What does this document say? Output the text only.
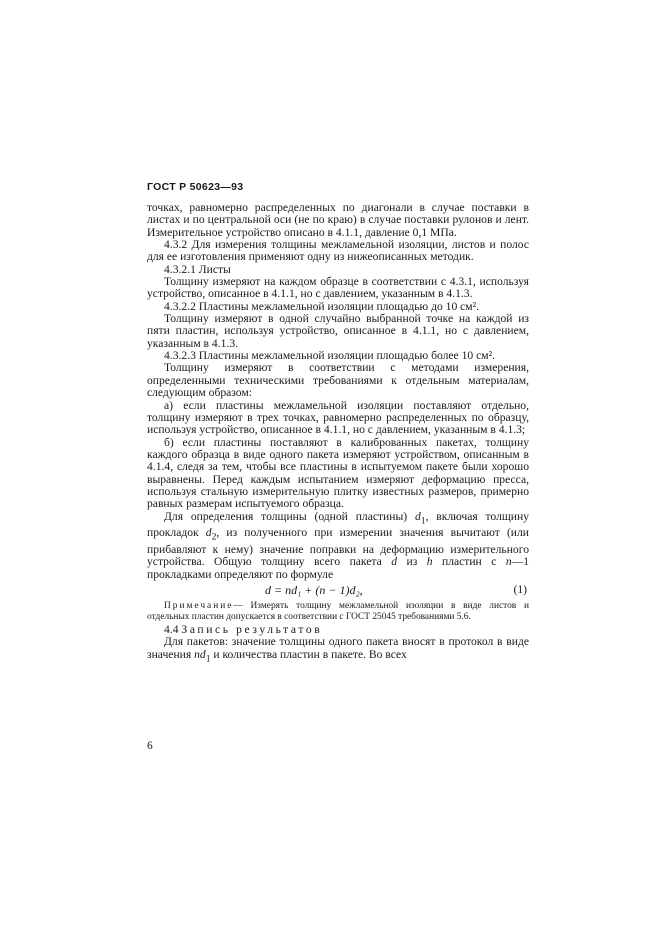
ГОСТ Р 50623—93

точках, равномерно распределенных по диагонали в случае поставки в листах и по центральной оси (не по краю) в случае поставки рулонов и лент. Измерительное устройство описано в 4.1.1, давление 0,1 МПа.

4.3.2 Для измерения толщины межламельной изоляции, листов и полос для ее изготовления применяют одну из нижеописанных методик.

4.3.2.1 Листы

Толщину измеряют на каждом образце в соответствии с 4.3.1, используя устройство, описанное в 4.1.1, но с давлением, указанным в 4.1.3.

4.3.2.2 Пластины межламельной изоляции площадью до 10 см².

Толщину измеряют в одной случайно выбранной точке на каждой из пяти пластин, используя устройство, описанное в 4.1.1, но с давлением, указанным в 4.1.3.

4.3.2.3 Пластины межламельной изоляции площадью более 10 см².

Толщину измеряют в соответствии с методами измерения, определенными техническими требованиями к отдельным материалам, следующим образом:

а) если пластины межламельной изоляции поставляют отдельно, толщину измеряют в трех точках, равномерно распределенных по образцу, используя устройство, описанное в 4.1.1, но с давлением, указанным в 4.1.3;

б) если пластины поставляют в калиброванных пакетах, толщину каждого образца в виде одного пакета измеряют устройством, описанным в 4.1.4, следя за тем, чтобы все пластины в испытуемом пакете были хорошо выравнены. Перед каждым испытанием измеряют деформацию пресса, используя стальную измерительную плитку известных размеров, примерно равных размерам испытуемого образца.

Для определения толщины (одной пластины) $d_1$, включая толщину прокладок $d_2$, из полученного при измерении значения вычитают (или прибавляют к нему) значение поправки на деформацию измерительного устройства. Общую толщину всего пакета d из h пластин с n—1 прокладками определяют по формуле

d = nd₁ + (n − 1)d₂,	(1)

Примечание— Измерять толщину межламельной изоляции в виде листов и отдельных пластин допускается в соответствии с ГОСТ 25045 требованиями 5.6.

4.4 Запись результатов

Для пакетов: значение толщины одного пакета вносят в протокол в виде значения $nd_1$ и количества пластин в пакете. Во всех

6
